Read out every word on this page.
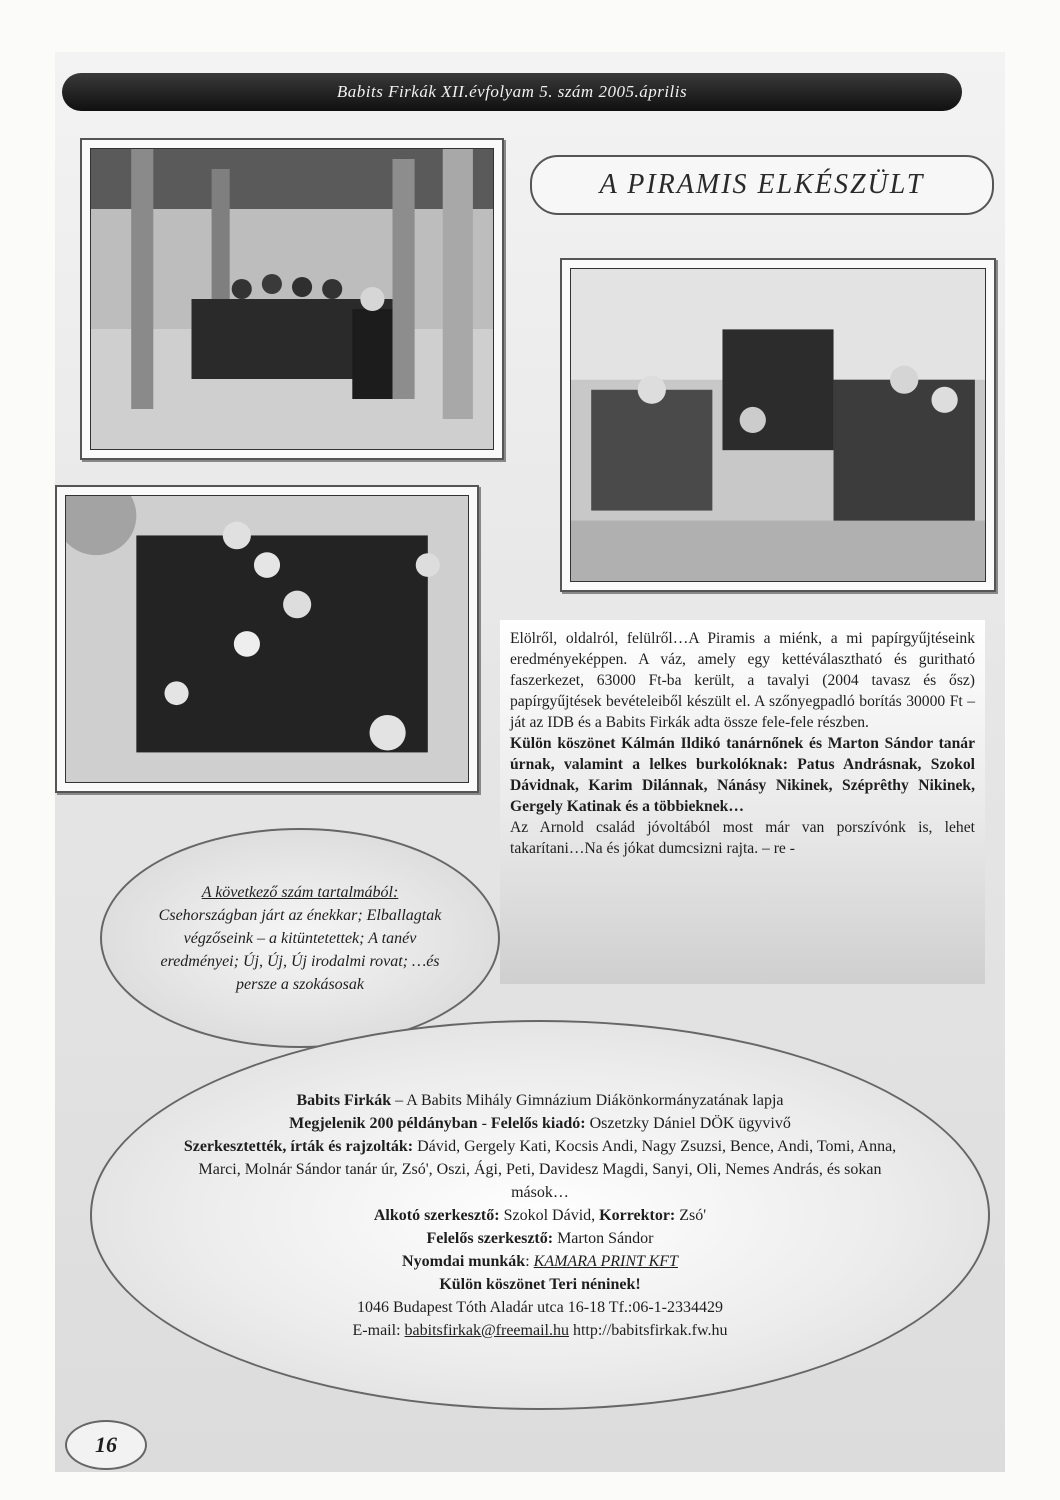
Babits Firkák XII.évfolyam 5. szám 2005.április
A PIRAMIS ELKÉSZÜLT

Elölről, oldalról, felülről…A Piramis a miénk, a mi papírgyűjtéseink eredményeképpen. A váz, amely egy kettéválasztható és guritható faszerkezet, 63000 Ft-ba került, a tavalyi (2004 tavasz és ősz) papírgyűjtések bevételeiből készült el. A szőnyegpadló borítás 30000 Ft – ját az IDB és a Babits Firkák adta össze fele-fele részben.

Külön köszönet Kálmán Ildikó tanárnőnek és Marton Sándor tanár úrnak, valamint a lelkes burkolóknak: Patus Andrásnak, Szokol Dávidnak, Karim Dilánnak, Nánásy Nikinek, Széprêthy Nikinek, Gergely Katinak és a többieknek…

Az Arnold család jóvoltából most már van porszívónk is, lehet takarítani…Na és jókat dumcsizni rajta. – re -

A következő szám tartalmából:
Csehországban járt az énekkar; Elballagtak végzőseink – a kitüntetettek; A tanév eredményei; Új, Új, Új irodalmi rovat; …és persze a szokásosak
Babits Firkák – A Babits Mihály Gimnázium Diákönkormányzatának lapja
Megjelenik 200 példányban - Felelős kiadó: Oszetzky Dániel DÖK ügyvivő
Szerkesztették, írták és rajzolták: Dávid, Gergely Kati, Kocsis Andi, Nagy Zsuzsi, Bence, Andi, Tomi, Anna, Marci, Molnár Sándor tanár úr, Zsó', Oszi, Ági, Peti, Davidesz Magdi, Sanyi, Oli, Nemes András, és sokan mások…
Alkotó szerkesztő: Szokol Dávid, Korrektor: Zsó'
Felelős szerkesztő: Marton Sándor
Nyomdai munkák: KAMARA PRINT KFT
Külön köszönet Teri néninek!
1046 Budapest Tóth Aladár utca 16-18 Tf.:06-1-2334429
E-mail: babitsfirkak@freemail.hu http://babitsfirkak.fw.hu
16
